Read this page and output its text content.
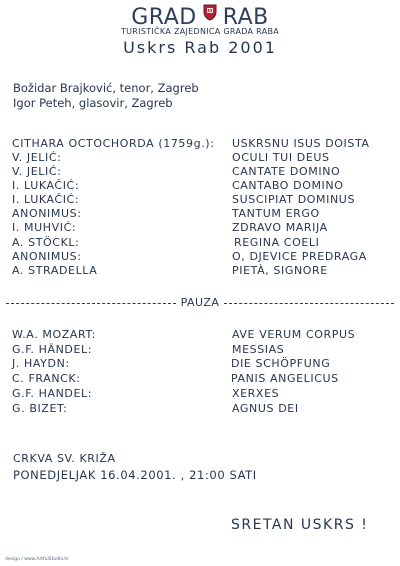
GRAD RAB
TURISTIČKA ZAJEDNICA GRADA RABA
Uskrs Rab 2001
Božidar Brajković, tenor, Zagreb
Igor Peteh, glasovir, Zagreb
CITHARA OCTOCHORDA (1759g.): USKRSNU ISUS DOISTA
V. JELIĆ:	OCULI TUI DEUS
V. JELIĆ:	CANTATE DOMINO
I. LUKAČIĆ:	CANTABO DOMINO
I. LUKAČIĆ:	SUSCIPIAT DOMINUS
ANONIMUS:	TANTUM ERGO
I. MUHVIĆ:	ZDRAVO MARIJA
A. STÖCKL:	REGINA COELI
ANONIMUS:	O, DJEVICE PREDRAGA
A. STRADELLA	PIETÀ, SIGNORE
PAUZA
W.A. MOZART:	AVE VERUM CORPUS
G.F. HÄNDEL:	MESSIAS
J. HAYDN:	DIE SCHÖPFUNG
C. FRANCK:	PANIS ANGELICUS
G.F. HANDEL:	XERXES
G. BIZET:	AGNUS DEI
CRKVA SV. KRIŽA
PONEDJELJAK 16.04.2001. , 21:00 SATI
SRETAN USKRS !
design / www.ArtfulStudio.hr
